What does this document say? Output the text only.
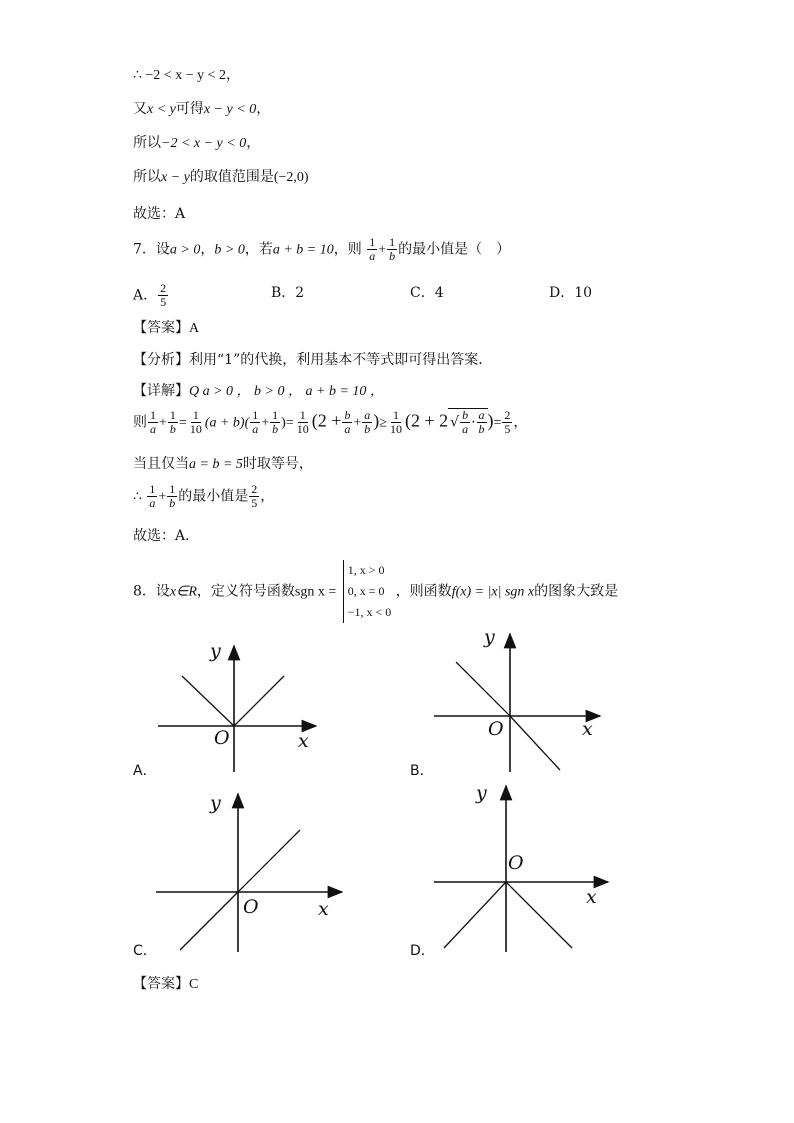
∴ −2 < x − y < 2，
又x < y可得x − y < 0，
所以−2 < x − y < 0，
所以x − y的取值范围是(−2,0)
故选：A
7．设a > 0，b > 0，若a + b = 10，则 $\frac{1}{a} + \frac{1}{b}$ 的最小值是（　）
A． $\frac{2}{5}$	B．2	C．4	D．10
【答案】A
【分析】利用“1”的代换，利用基本不等式即可得出答案．
【详解】Q a > 0 ， b > 0 ， a + b = 10 ，
则 $\frac{1}{a} + \frac{1}{b} = \frac{1}{10} (a + b)( \frac{1}{a} + \frac{1}{b}$ )= $\frac{1}{10} (2 + \frac{b}{a} + \frac{a}{b}$ )≥ $\frac{1}{10} (2 + 2$ √ $\frac{b}{a} \cdot \frac{a}{b}$ )= $\frac{2}{5}$ ，
当且仅当a = b = 5时取等号，
∴ $\frac{1}{a} + \frac{1}{b}$ 的最小值是 $\frac{2}{5}$ ，
故选：A．
8．设x∈R，定义符号函数sgn x = 1, x > 0
0, x = 0
−1, x < 0 ，则函数f(x) = |x| sgn x的图象大致是
y
x
O
A．
y
x
O
B．
y
x
O
C．
y
x
O
D．
【答案】C
